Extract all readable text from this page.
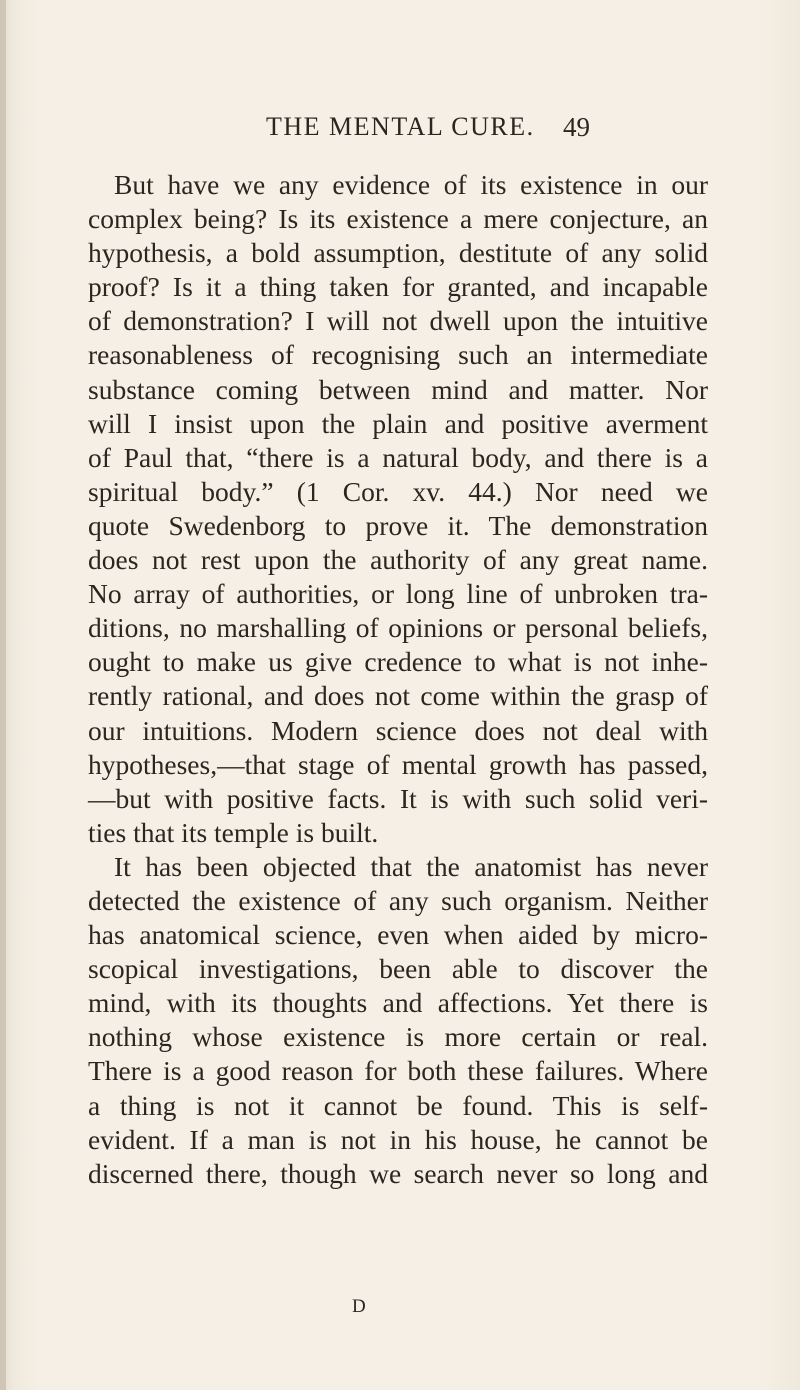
THE MENTAL CURE. 49
But have we any evidence of its existence in our
complex being? Is its existence a mere conjecture, an
hypothesis, a bold assumption, destitute of any solid
proof? Is it a thing taken for granted, and incapable
of demonstration? I will not dwell upon the intuitive
reasonableness of recognising such an intermediate
substance coming between mind and matter. Nor
will I insist upon the plain and positive averment
of Paul that, “there is a natural body, and there is a
spiritual body.” (1 Cor. xv. 44.) Nor need we
quote Swedenborg to prove it. The demonstration
does not rest upon the authority of any great name.
No array of authorities, or long line of unbroken tra-
ditions, no marshalling of opinions or personal beliefs,
ought to make us give credence to what is not inhe-
rently rational, and does not come within the grasp of
our intuitions. Modern science does not deal with
hypotheses,—that stage of mental growth has passed,
—but with positive facts. It is with such solid veri-
ties that its temple is built.
It has been objected that the anatomist has never
detected the existence of any such organism. Neither
has anatomical science, even when aided by micro-
scopical investigations, been able to discover the
mind, with its thoughts and affections. Yet there is
nothing whose existence is more certain or real.
There is a good reason for both these failures. Where
a thing is not it cannot be found. This is self-
evident. If a man is not in his house, he cannot be
discerned there, though we search never so long and
D
